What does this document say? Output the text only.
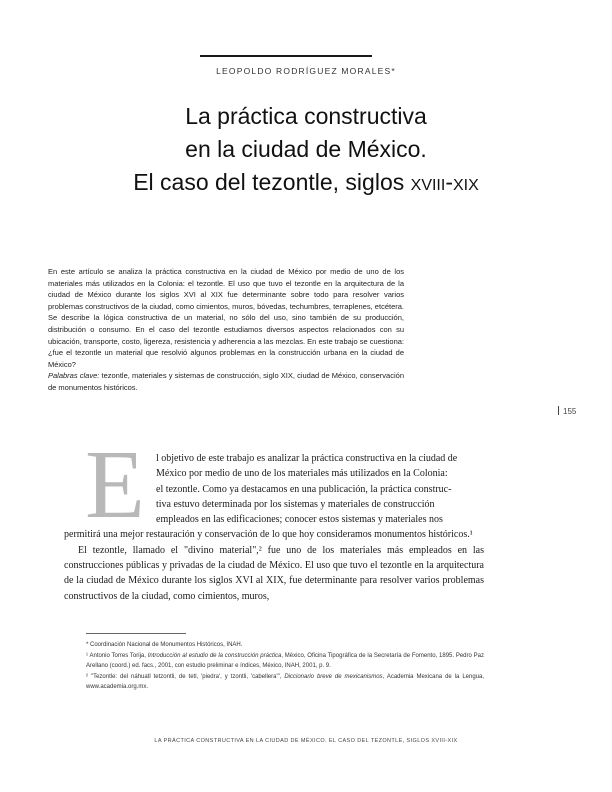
LEOPOLDO RODRÍGUEZ MORALES*
La práctica constructiva
en la ciudad de México.
El caso del tezontle, siglos xviii-xix

En este artículo se analiza la práctica constructiva en la ciudad de México por medio de uno de los materiales más utilizados en la Colonia: el tezontle. El uso que tuvo el tezontle en la arquitectura de la ciudad de México durante los siglos XVI al XIX fue determinante sobre todo para resolver varios problemas constructivos de la ciudad, como cimientos, muros, bóvedas, techumbres, terraplenes, etcétera. Se describe la lógica constructiva de un material, no sólo del uso, sino también de su producción, distribución o consumo. En el caso del tezontle estudiamos diversos aspectos relacionados con su ubicación, transporte, costo, ligereza, resistencia y adherencia a las mezclas. En este trabajo se cuestiona: ¿fue el tezontle un material que resolvió algunos problemas en la construcción urbana en la ciudad de México?

Palabras clave: tezontle, materiales y sistemas de construcción, siglo XIX, ciudad de México, conservación de monumentos históricos.

155
E	l objetivo de este trabajo es analizar la práctica constructiva en la ciudad de
México por medio de uno de los materiales más utilizados en la Colonia:
el tezontle. Como ya destacamos en una publicación, la práctica construc-
tiva estuvo determinada por los sistemas y materiales de construcción
empleados en las edificaciones; conocer estos sistemas y materiales nos
permitirá una mejor restauración y conservación de lo que hoy consideramos monumentos históricos.¹

El tezontle, llamado el "divino material",² fue uno de los materiales más empleados en las construcciones públicas y privadas de la ciudad de México. El uso que tuvo el tezontle en la arquitectura de la ciudad de México durante los siglos XVI al XIX, fue determinante para resolver varios problemas constructivos de la ciudad, como cimientos, muros,

* Coordinación Nacional de Monumentos Históricos, INAH.

¹ Antonio Torres Torija, Introducción al estudio de la construcción práctica, México, Oficina Tipográfica de la Secretaría de Fomento, 1895. Pedro Paz Arellano (coord.) ed. facs., 2001, con estudio preliminar e índices, México, INAH, 2001, p. 9.

² "Tezontle: del náhuatl tetzontli, de tetl, 'piedra', y tzontli, 'cabellera'", Diccionario breve de mexicanismos, Academia Mexicana de la Lengua, www.academia.org.mx.

LA PRÁCTICA CONSTRUCTIVA EN LA CIUDAD DE MÉXICO. EL CASO DEL TEZONTLE, SIGLOS XVIII-XIX
